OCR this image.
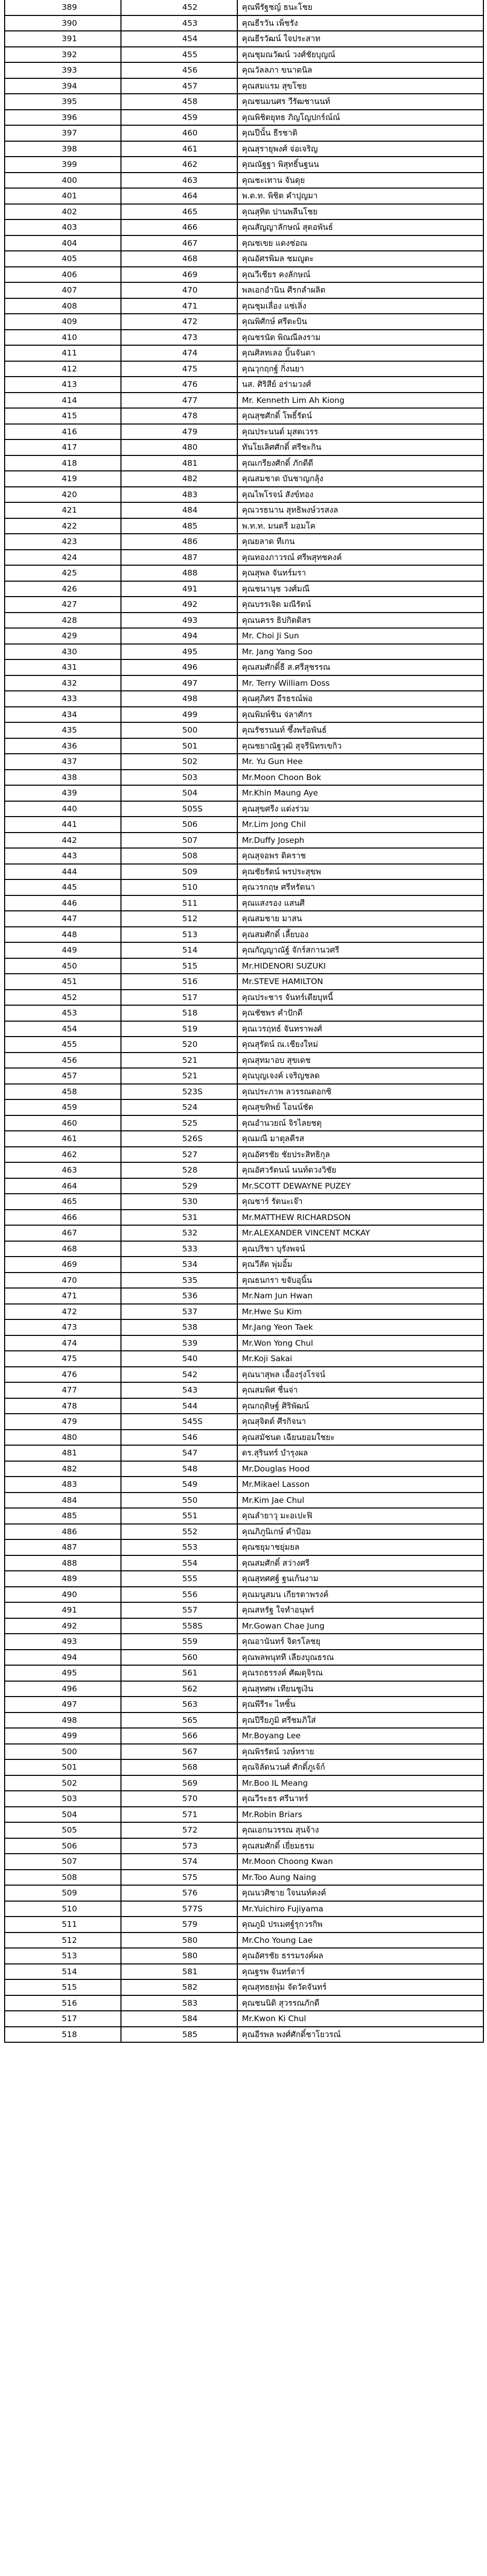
389	452	คุณพีรัฐชญ์ ธนะโชย
390	453	คุณธีรวัน เพ็ชรัง
391	454	คุณธีรวัฒน์ ใจประสาท
392	455	คุณชุมณวัฒน์ วงศ์ชัยบุญณ์
393	456	คุณวัลลภา ขนาดนิล
394	457	คุณสมแรม สุขโชย
395	458	คุณชนมนศร วีรัฒชานนท์
396	459	คุณพิชิตยุทธ ภิญโญปกร์ณ์ณ์
397	460	คุณปีนั้น ธีรชาติ
398	461	คุณสุรายุพงศ์ จ่อเจริญ
399	462	คุณณัฐฐา พิสุทธิ์นฐนน
400	463	คุณชะเทาน จันดุย
401	464	พ.ต.ท. พิชิต คำปุญมา
402	465	คุณสุทิต ปานพลีนโชย
403	466	คุณสัญญาลักษณ์ สุดอพันธ์
404	467	คุณชเขย แดงช่อณ
405	468	คุณอัศรพิมล ชมญูตะ
406	469	คุณวีเชียร คงลักษณ์
407	470	พลเอกอำนิน ศีรกลำผลิต
408	471	คุณชุมเลื่อง แซ่เลิ่ง
409	472	คุณพิศักษ์ ศรีตะบิน
410	473	คุณชรนัต พิณณีลงราม
411	474	คุณศิลทเลอ บิ้นจันดา
412	475	คุณวุกฤกฐ์ กิ่งนยา
413	476	นส. ศิริสีย์ อร่ามวงศ์
414	477	Mr. Kenneth Lim Ah Kiong
415	478	คุณสุชศักดิ์ โพธิ์รัตน์
416	479	คุณประนนต์ มุสตเวรร
417	480	ทันโยเลิศศักดิ์ ศรีชะกิน
418	481	คุณเกรียงศักดิ์ ภักดีดี
419	482	คุณสมชาต บันชาญกลุ้ง
420	483	คุณไพโรจน์ สังข์ทอง
421	484	คุณวรธนาน สุทธิพงษ์วรสงล
422	485	พ.ท.ท. มนตรี มอมโค
423	486	คุณยลาด ทีเกน
424	487	คุณทองภาวรณ์ ศรีพสุทชคงค์
425	488	คุณสุพล จันทร์มรา
426	491	คุณชนานุช วงศ์มณี
427	492	คุณบรรเจิด มณีรัตน์
428	493	คุณนครร ธิปกิตติสร
429	494	Mr. Choi Ji Sun
430	495	Mr. Jang Yang Soo
431	496	คุณสมศักดิ์ธี ส.ศรีสุชรรณ
432	497	Mr. Terry William Doss
433	498	คุณศุภิศร อีรธรณ์พ่อ
434	499	คุณพิมพ์ชิน จ่ลาศักร
435	500	คุณรัชรนนท์ ซึ้งพร้อพันธ์
436	501	คุณชยาณัฐวุฒิ สุจรีนิทรเขกิว
437	502	Mr. Yu Gun Hee
438	503	Mr.Moon Choon Bok
439	504	Mr.Khin Maung Aye
440	505S	คุณสุขศรีง แต่งร่วม
441	506	Mr.Lim Jong Chil
442	507	Mr.Duffy Joseph
443	508	คุณสุจอพร ติคราช
444	509	คุณชัยรัตน์ พรประสุขพ
445	510	คุณวรกฤษ ศรีหรัตนา
446	511	คุณแสงรอง แสนศี
447	512	คุณสมชาย มาสน
448	513	คุณสมศักดิ์ เลี้ยบอง
449	514	คุณกัญญาณัฐ์ จักร์สกานวศรี
450	515	Mr.HIDENORI SUZUKI
451	516	Mr.STEVE HAMILTON
452	517	คุณประชาร จันทร์เดียบุหนี้
453	518	คุณชัชพร คำปักดี
454	519	คุณเวรฤทธ์ จันทราพงศ์
455	520	คุณสุรัตน์ ณ.เชียงใหม่
456	521	คุณสุทมาอบ สุขเดช
457	521	คุณบุญเจงค์ เจริญชลด
458	523S	คุณประภาพ ลวรรณดอกซิ
459	524	คุณสุขทิพย์ โอนน์ชัด
460	525	คุณอำนวยณ์ จิรไลยชตุ
461	526S	คุณมณี มาตุลคีรส
462	527	คุณอัศรชัย ชัยประสิทธิกุล
463	528	คุณอัศวรัตนน์ นนท์ดวงวิชัย
464	529	Mr.SCOTT DEWAYNE PUZEY
465	530	คุณชาร์ รัตนะเจ๊า
466	531	Mr.MATTHEW RICHARDSON
467	532	Mr.ALEXANDER VINCENT MCKAY
468	533	คุณปริชา บุรังพจน์
469	534	คุณวีสัด พุ่มอิ้ม
470	535	คุณธนกรา ขจับอุนิ้น
471	536	Mr.Nam Jun Hwan
472	537	Mr.Hwe Su Kim
473	538	Mr.Jang Yeon Taek
474	539	Mr.Won Yong Chul
475	540	Mr.Koji Sakai
476	542	คุณนาสุพล เอื้องรุ่งโรจน์
477	543	คุณสมพิศ ชื่นจ่า
478	544	คุณกฤดิษฐ์ ศิริพัฒน์
479	545S	คุณสุจิตต์ ศีรกิจนา
480	546	คุณสมัชนต เฉียนยอมใชยะ
481	547	ดร.สุรินทร์ บำรุงผล
482	548	Mr.Douglas Hood
483	549	Mr.Mikael Lasson
484	550	Mr.Kim Jae Chul
485	551	คุณลำยาวุ มะอเปะฟิ
486	552	คุณภิภูนิเกษ์ คำป้อม
487	553	คุณชยุมาชยุ่มยล
488	554	คุณสมศักดิ์ สว่างศรี
489	555	คุณสุทศศฐ์ ฐนเก้นงาม
490	556	คุณมนูสมน เกียรตาพรงค์
491	557	คุณสหรัฐ ใจทำอนุพร์
492	558S	Mr.Gowan Chae Jung
493	559	คุณอานันทร์ จิตรโลชยุ
494	560	คุณพลพนุทที เลียงบุณธรณ
495	561	คุณรถธรรงค์ ศัฒดุจิรณ
496	562	คุณสุทศพ เทียนชูเงิน
497	563	คุณพีรีระ ไหซิ้น
498	565	คุณปีรียภูมิ ศรีชมภิใส่
499	566	Mr.Boyang Lee
500	567	คุณพิรรัตน์ วงษ์ทราย
501	568	คุณจิลัดนวนศ์ ศักดิ์ภูเจ้ก์
502	569	Mr.Boo IL Meang
503	570	คุณวีระธร ศรีนาทร์
504	571	Mr.Robin Briars
505	572	คุณเอกนวรรณ สุนจ้าง
506	573	คุณสมศักดิ์ เยี่ยมธรม
507	574	Mr.Moon Choong Kwan
508	575	Mr.Too Aung Naing
509	576	คุณนวศิชาย ใจนนท์คงค์
510	577S	Mr.Yuichiro Fujiyama
511	579	คุณภูมิ ปรเมศฐ์รุกวรกิพ
512	580	Mr.Cho Young Lae
513	580	คุณอัศรชัย ธรรมรงค์ผล
514	581	คุณฐรพ จันทร์ดาร์
515	582	คุณสุทธยพุ๋ม จัดวัดจันทร์
516	583	คุณชนนิดิ สุวรรณภักดี
517	584	Mr.Kwon Ki Chul
518	585	คุณอีรพล พงศ์ศักดิ์ชาโยวรณ์
